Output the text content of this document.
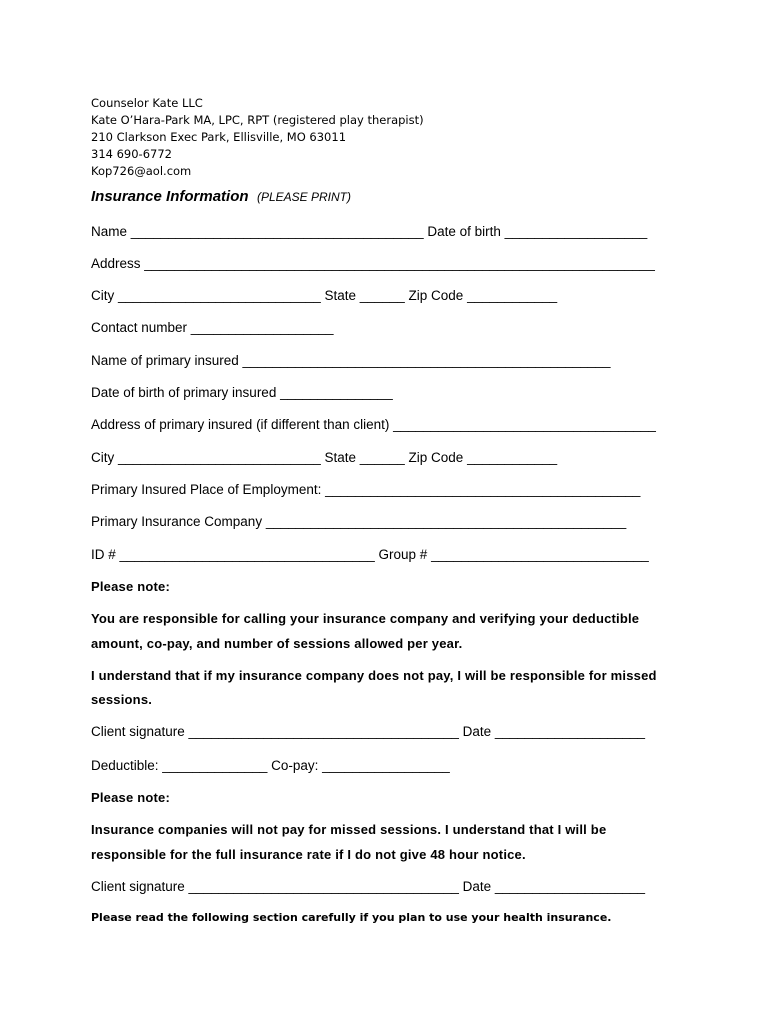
Counselor Kate LLC
Kate O’Hara-Park MA, LPC, RPT (registered play therapist)
210 Clarkson Exec Park, Ellisville, MO 63011
314 690-6772
Kop726@aol.com
Insurance Information (PLEASE PRINT)
Name _______________________________________ Date of birth ___________________
Address ____________________________________________________________________
City ___________________________ State ______ Zip Code ____________
Contact number ___________________
Name of primary insured _________________________________________________
Date of birth of primary insured _______________
Address of primary insured (if different than client) ___________________________________
City ___________________________ State ______ Zip Code ____________
Primary Insured Place of Employment: __________________________________________
Primary Insurance Company ________________________________________________
ID # __________________________________ Group # _____________________________
Please note:
You are responsible for calling your insurance company and verifying your deductible
amount, co-pay, and number of sessions allowed per year.
I understand that if my insurance company does not pay, I will be responsible for missed
sessions.
Client signature ____________________________________ Date ____________________
Deductible: ______________ Co-pay: _________________
Please note:
Insurance companies will not pay for missed sessions. I understand that I will be
responsible for the full insurance rate if I do not give 48 hour notice.
Client signature ____________________________________ Date ____________________
Please read the following section carefully if you plan to use your health insurance.
